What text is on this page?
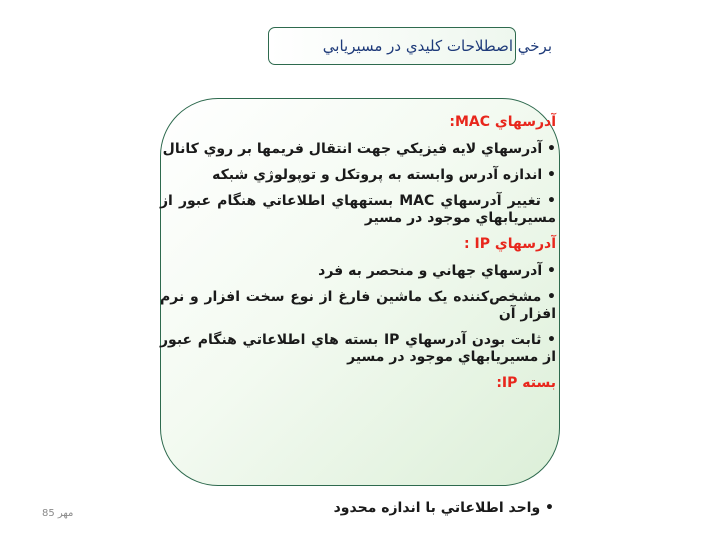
برخي اصطلاحات كليدي در مسيريابي
آدرسهاي MAC:
• آدرسهاي لايه فيزيكي جهت انتقال فريمها بر روي كانال
• اندازه آدرس وابسته به پروتكل و توپولوژي شبكه
• تغيير آدرسهاي MAC بستههاي اطلاعاتي هنگام عبور از مسيريابهاي موجود در مسير
آدرسهاي IP :
• آدرسهاي جهاني و منحصر به فرد
• مشخص‌كننده يک ماشين فارغ از نوع سخت افزار و نرم افزار آن
• ثابت بودن آدرسهاي IP بسته هاي اطلاعاتي هنگام عبور از مسيريابهاي موجود در مسير
بسته IP:
• واحد اطلاعاتي با اندازه محدود
مهر 85
